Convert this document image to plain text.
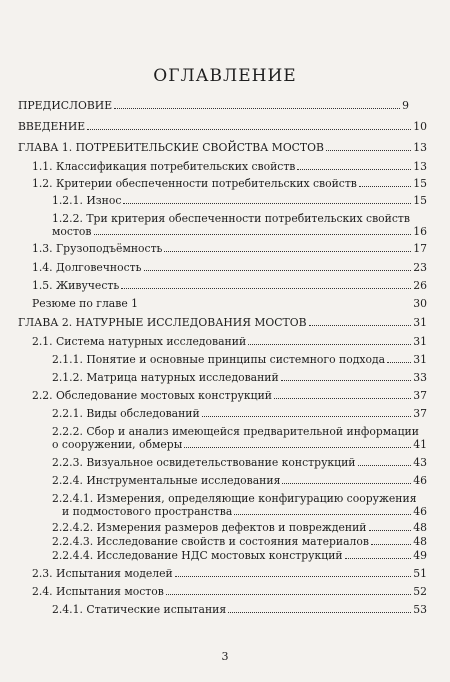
ОГЛАВЛЕНИЕ
ПРЕДИСЛОВИЕ	9
ВВЕДЕНИЕ	10
ГЛАВА 1. ПОТРЕБИТЕЛЬСКИЕ СВОЙСТВА МОСТОВ	13
1.1. Классификация потребительских свойств	13
1.2. Критерии обеспеченности потребительских свойств	15
1.2.1. Износ	15
1.2.2. Три критерия обеспеченности потребительских свойств
мостов	16
1.3. Грузоподъёмность	17
1.4. Долговечность	23
1.5. Живучесть	26
Резюме по главе 1	30
ГЛАВА 2. НАТУРНЫЕ ИССЛЕДОВАНИЯ МОСТОВ	31
2.1. Система натурных исследований	31
2.1.1. Понятие и основные принципы системного подхода	31
2.1.2. Матрица натурных исследований	33
2.2. Обследование мостовых конструкций	37
2.2.1. Виды обследований	37
2.2.2. Сбор и анализ имеющейся предварительной информации
о сооружении, обмеры	41
2.2.3. Визуальное освидетельствование конструкций	43
2.2.4. Инструментальные исследования	46
2.2.4.1. Измерения, определяющие конфигурацию сооружения
и подмостового пространства	46
2.2.4.2. Измерения размеров дефектов и повреждений	48
2.2.4.3. Исследование свойств и состояния материалов	48
2.2.4.4. Исследование НДС мостовых конструкций	49
2.3. Испытания моделей	51
2.4. Испытания мостов	52
2.4.1. Статические испытания	53
3
